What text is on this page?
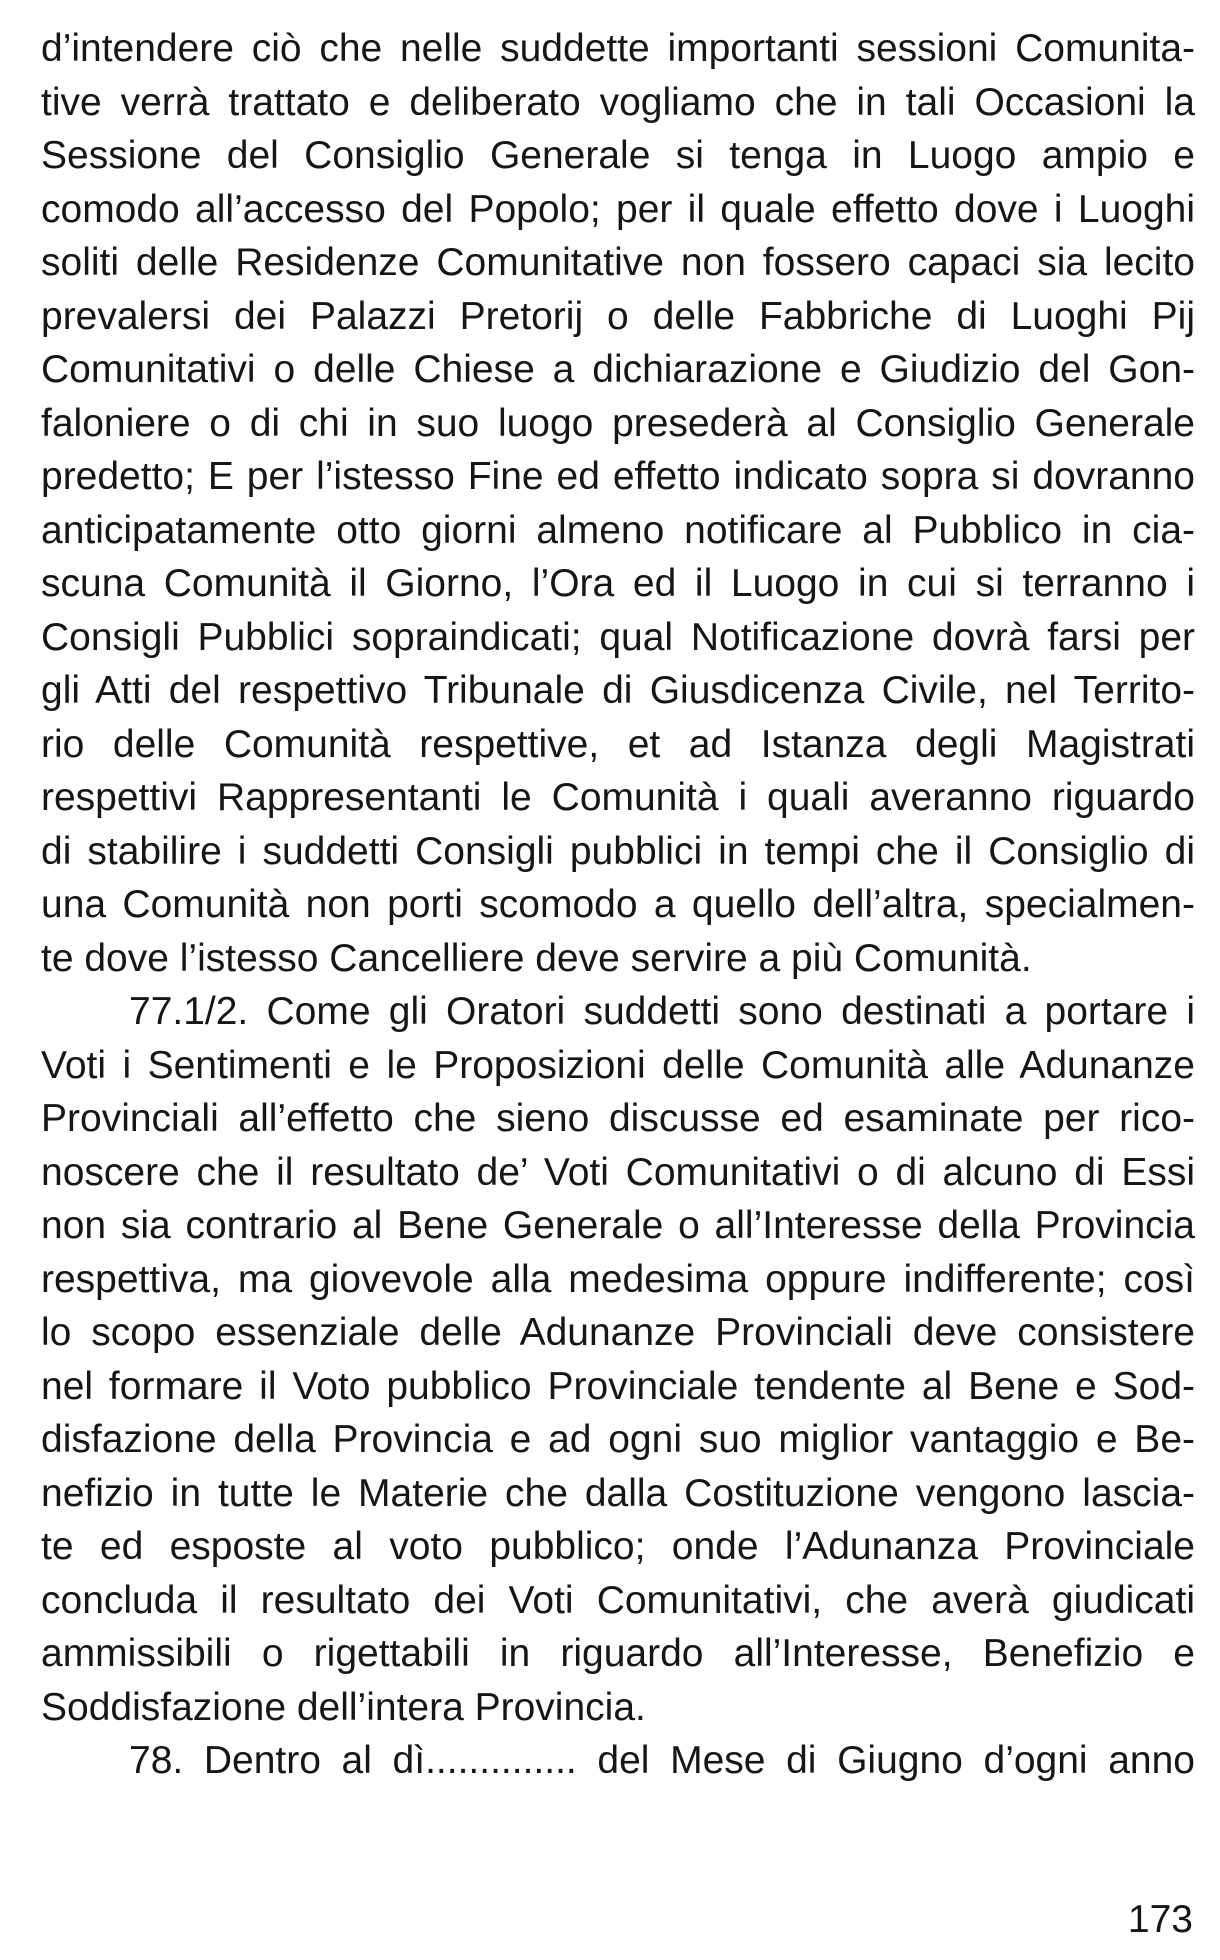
d’intendere ciò che nelle suddette importanti sessioni Comunita-
tive verrà trattato e deliberato vogliamo che in tali Occasioni la
Sessione del Consiglio Generale si tenga in Luogo ampio e
comodo all’accesso del Popolo; per il quale effetto dove i Luoghi
soliti delle Residenze Comunitative non fossero capaci sia lecito
prevalersi dei Palazzi Pretorij o delle Fabbriche di Luoghi Pij
Comunitativi o delle Chiese a dichiarazione e Giudizio del Gon-
faloniere o di chi in suo luogo presederà al Consiglio Generale
predetto; E per l’istesso Fine ed effetto indicato sopra si dovranno
anticipatamente otto giorni almeno notificare al Pubblico in cia-
scuna Comunità il Giorno, l’Ora ed il Luogo in cui si terranno i
Consigli Pubblici sopraindicati; qual Notificazione dovrà farsi per
gli Atti del respettivo Tribunale di Giusdicenza Civile, nel Territo-
rio delle Comunità respettive, et ad Istanza degli Magistrati
respettivi Rappresentanti le Comunità i quali averanno riguardo
di stabilire i suddetti Consigli pubblici in tempi che il Consiglio di
una Comunità non porti scomodo a quello dell’altra, specialmen-
te dove l’istesso Cancelliere deve servire a più Comunità.
77.1/2. Come gli Oratori suddetti sono destinati a portare i
Voti i Sentimenti e le Proposizioni delle Comunità alle Adunanze
Provinciali all’effetto che sieno discusse ed esaminate per rico-
noscere che il resultato de’ Voti Comunitativi o di alcuno di Essi
non sia contrario al Bene Generale o all’Interesse della Provincia
respettiva, ma giovevole alla medesima oppure indifferente; così
lo scopo essenziale delle Adunanze Provinciali deve consistere
nel formare il Voto pubblico Provinciale tendente al Bene e Sod-
disfazione della Provincia e ad ogni suo miglior vantaggio e Be-
nefizio in tutte le Materie che dalla Costituzione vengono lascia-
te ed esposte al voto pubblico; onde l’Adunanza Provinciale
concluda il resultato dei Voti Comunitativi, che averà giudicati
ammissibili o rigettabili in riguardo all’Interesse, Benefizio e
Soddisfazione dell’intera Provincia.
78. Dentro al dì.............. del Mese di Giugno d’ogni anno
173
